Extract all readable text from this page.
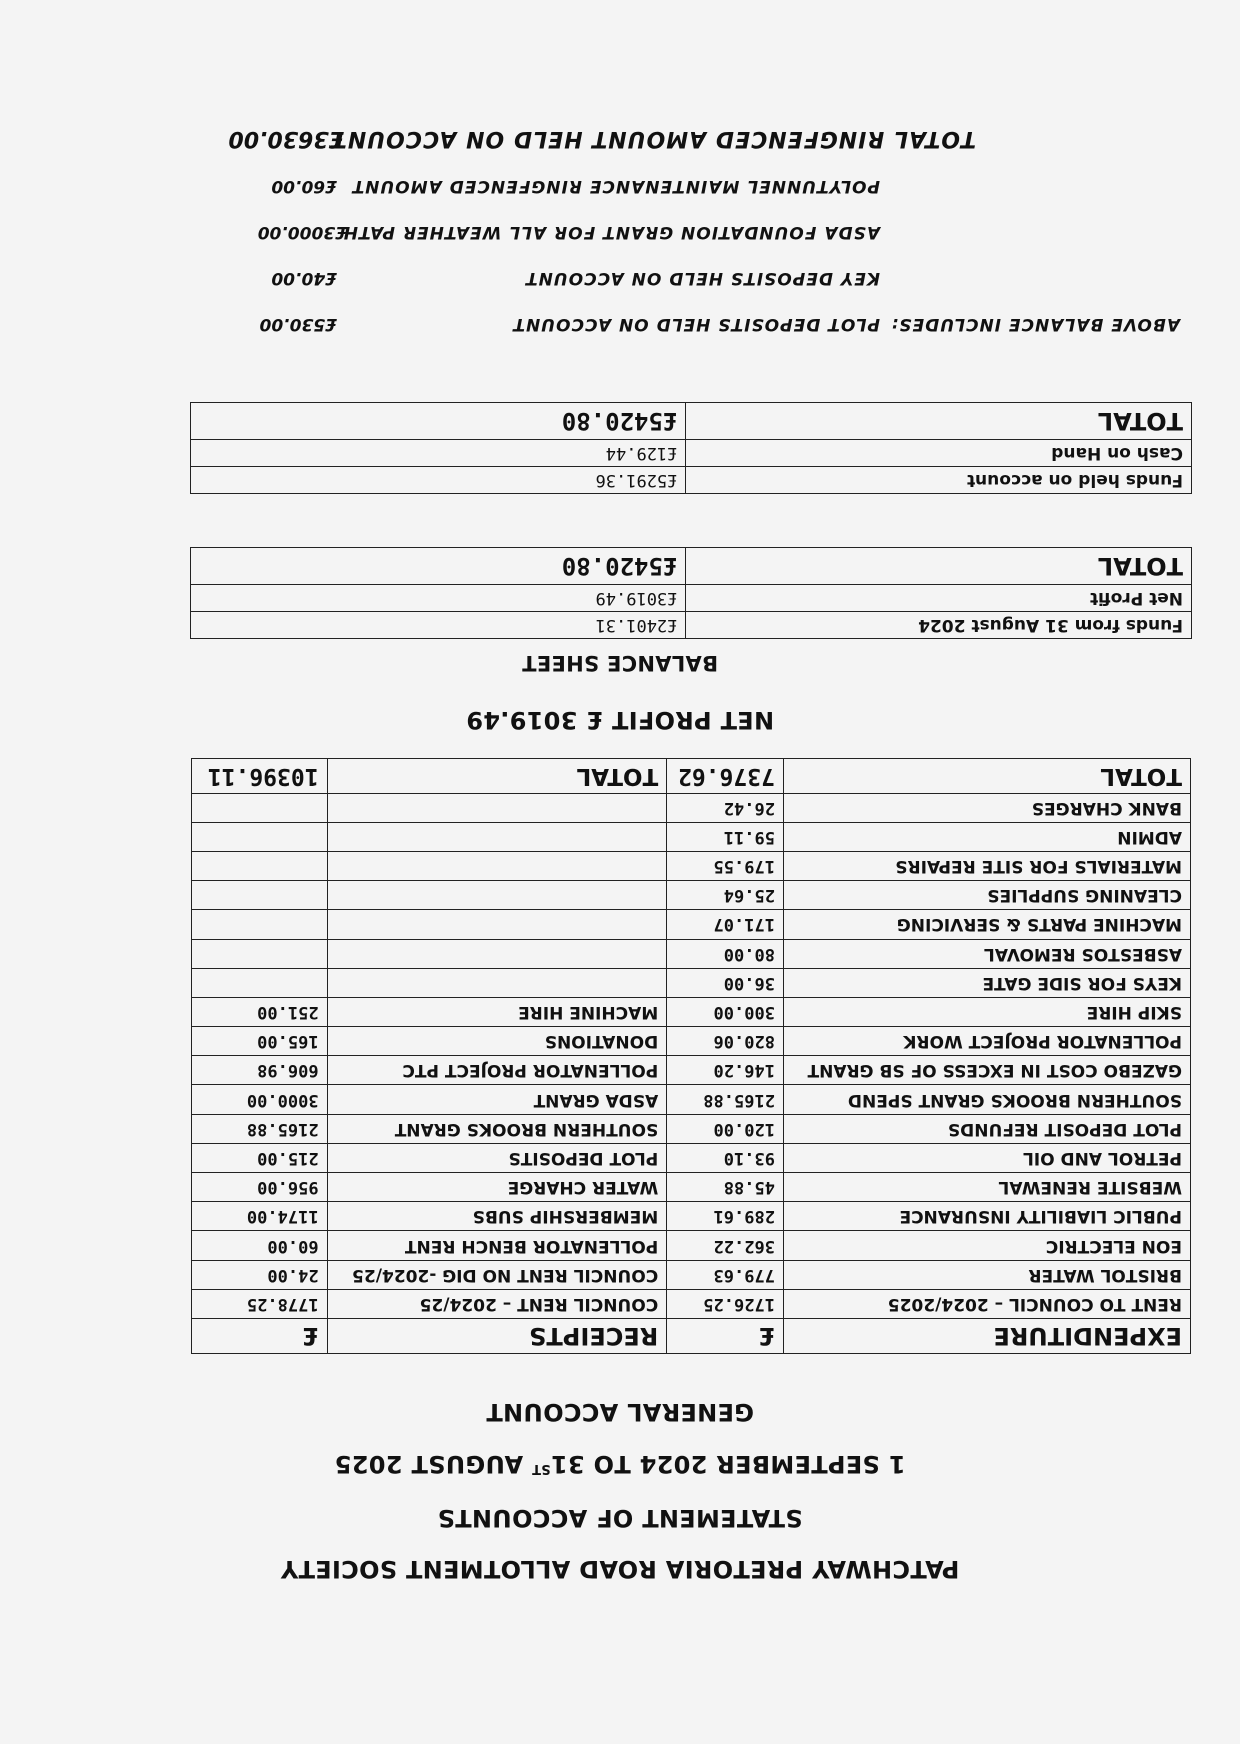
PATCHWAY PRETORIA ROAD ALLOTMENT SOCIETY
STATEMENT OF ACCOUNTS
1 SEPTEMBER 2024 TO 31ST AUGUST 2025
GENERAL ACCOUNT
EXPENDITURE	£	RECEIPTS	£
RENT TO COUNCIL – 2024/2025	1726.25	COUNCIL RENT – 2024/25	1778.25
BRISTOL WATER	779.63	COUNCIL RENT NO DIG -2024/25	24.00
EON ELECTRIC	362.22	POLLENATOR BENCH RENT	60.00
PUBLIC LIABILITY INSURANCE	289.61	MEMBERSHIP SUBS	1174.00
WEBSITE RENEWAL	45.88	WATER CHARGE	956.00
PETROL AND OIL	93.10	PLOT DEPOSITS	215.00
PLOT DEPOSIT REFUNDS	120.00	SOUTHERN BROOKS GRANT	2165.88
SOUTHERN BROOKS GRANT SPEND	2165.88	ASDA GRANT	3000.00
GAZEBO COST IN EXCESS OF SB GRANT	146.20	POLLENATOR PROJECT PTC	606.98
POLLENATOR PROJECT WORK	820.06	DONATIONS	165.00
SKIP HIRE	300.00	MACHINE HIRE	251.00
KEYS FOR SIDE GATE	36.00		
ASBESTOS REMOVAL	80.00		
MACHINE PARTS & SERVICING	171.07		
CLEANING SUPPLIES	25.64		
MATERIALS FOR SITE REPAIRS	179.55		
ADMIN	59.11		
BANK CHARGES	26.42		
TOTAL	7376.62	TOTAL	10396.11
NET PROFIT £ 3019.49
BALANCE SHEET
Funds from 31 August 2024	£2401.31
Net Profit	£3019.49
TOTAL	£5420.80
Funds held on account	£5291.36
Cash on Hand	£129.44
TOTAL	£5420.80
ABOVE BALANCE INCLUDES:
PLOT DEPOSITS HELD ON ACCOUNT
£530.00
KEY DEPOSITS HELD ON ACCOUNT
£40.00
ASDA FOUNDATION GRANT FOR ALL WEATHER PATH
£3000.00
POLYTUNNEL MAINTENANCE RINGFENCED AMOUNT
£60.00
TOTAL RINGFENCED AMOUNT HELD ON ACCOUNT
£3630.00
